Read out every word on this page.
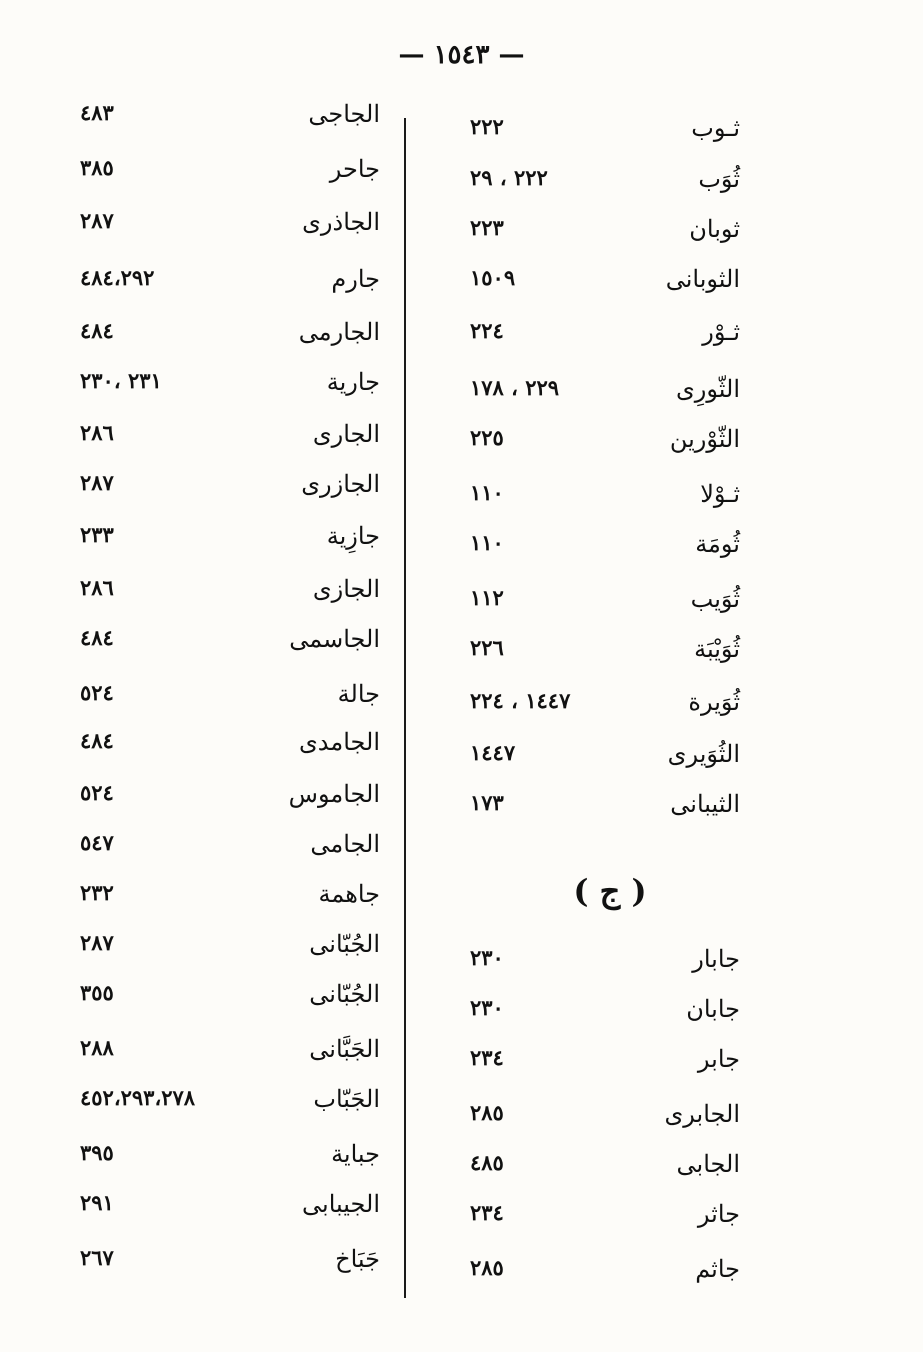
— ١٥٤٣ —
( ج )
ثـوب
٢٢٢
ثُوَب
٢٢٢ ، ٢٩
ثوبان
٢٢٣
الثوبانى
١٥٠٩
ثـوْر
٢٢٤
الثّورِى
٢٢٩ ، ١٧٨
الثّوْرين
٢٢٥
ثـوْلا
١١٠
ثُومَة
١١٠
ثُوَيب
١١٢
ثُوَيْبَة
٢٢٦
ثُوَيرة
١٤٤٧ ، ٢٢٤
الثُوَيرى
١٤٤٧
الثيبانى
١٧٣
جابار
٢٣٠
جابان
٢٣٠
جابر
٢٣٤
الجابرى
٢٨٥
الجابى
٤٨٥
جاثر
٢٣٤
جاثم
٢٨٥
الجاجى
٤٨٣
جاحر
٣٨٥
الجاذرى
٢٨٧
جارم
٤٨٤،٢٩٢
الجارمى
٤٨٤
جارية
٢٣١ ،٢٣٠
الجارى
٢٨٦
الجازرى
٢٨٧
جازِية
٢٣٣
الجازى
٢٨٦
الجاسمى
٤٨٤
جالة
٥٢٤
الجامدى
٤٨٤
الجاموس
٥٢٤
الجامى
٥٤٧
جاهمة
٢٣٢
الجُبّانى
٢٨٧
الجُبّانى
٣٥٥
الجَبَّانى
٢٨٨
الجَبّاب
٤٥٢،٢٩٣،٢٧٨
جباية
٣٩٥
الجيبابى
٢٩١
جَبَاخ
٢٦٧
